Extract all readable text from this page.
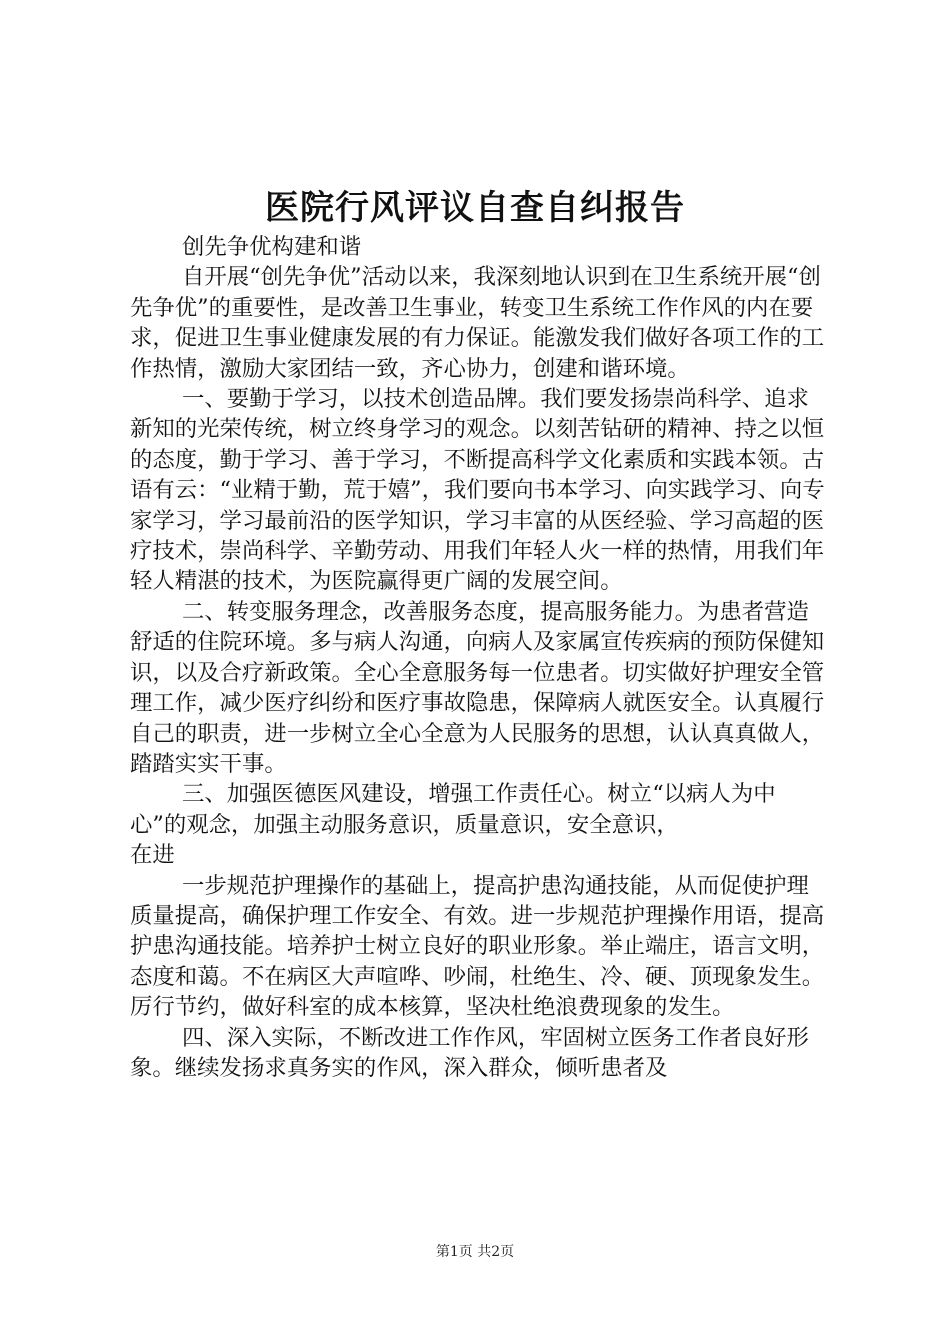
医院行风评议自查自纠报告

创先争优构建和谐

自开展“创先争优”活动以来，我深刻地认识到在卫生系统开展“创先争优”的重要性，是改善卫生事业，转变卫生系统工作作风的内在要求，促进卫生事业健康发展的有力保证。能激发我们做好各项工作的工作热情，激励大家团结一致，齐心协力，创建和谐环境。

一、要勤于学习，以技术创造品牌。我们要发扬崇尚科学、追求新知的光荣传统，树立终身学习的观念。以刻苦钻研的精神、持之以恒的态度，勤于学习、善于学习，不断提高科学文化素质和实践本领。古语有云：“业精于勤，荒于嬉”，我们要向书本学习、向实践学习、向专家学习，学习最前沿的医学知识，学习丰富的从医经验、学习高超的医疗技术，崇尚科学、辛勤劳动、用我们年轻人火一样的热情，用我们年轻人精湛的技术，为医院赢得更广阔的发展空间。

二、转变服务理念，改善服务态度，提高服务能力。为患者营造舒适的住院环境。多与病人沟通，向病人及家属宣传疾病的预防保健知识，以及合疗新政策。全心全意服务每一位患者。切实做好护理安全管理工作，减少医疗纠纷和医疗事故隐患，保障病人就医安全。认真履行自己的职责，进一步树立全心全意为人民服务的思想，认认真真做人，踏踏实实干事。

三、加强医德医风建设，增强工作责任心。树立“以病人为中心”的观念，加强主动服务意识，质量意识，安全意识，

在进

一步规范护理操作的基础上，提高护患沟通技能，从而促使护理质量提高，确保护理工作安全、有效。进一步规范护理操作用语，提高护患沟通技能。培养护士树立良好的职业形象。举止端庄，语言文明，态度和蔼。不在病区大声喧哗、吵闹，杜绝生、冷、硬、顶现象发生。厉行节约，做好科室的成本核算，坚决杜绝浪费现象的发生。

四、深入实际，不断改进工作作风，牢固树立医务工作者良好形象。继续发扬求真务实的作风，深入群众，倾听患者及

第1页 共2页
